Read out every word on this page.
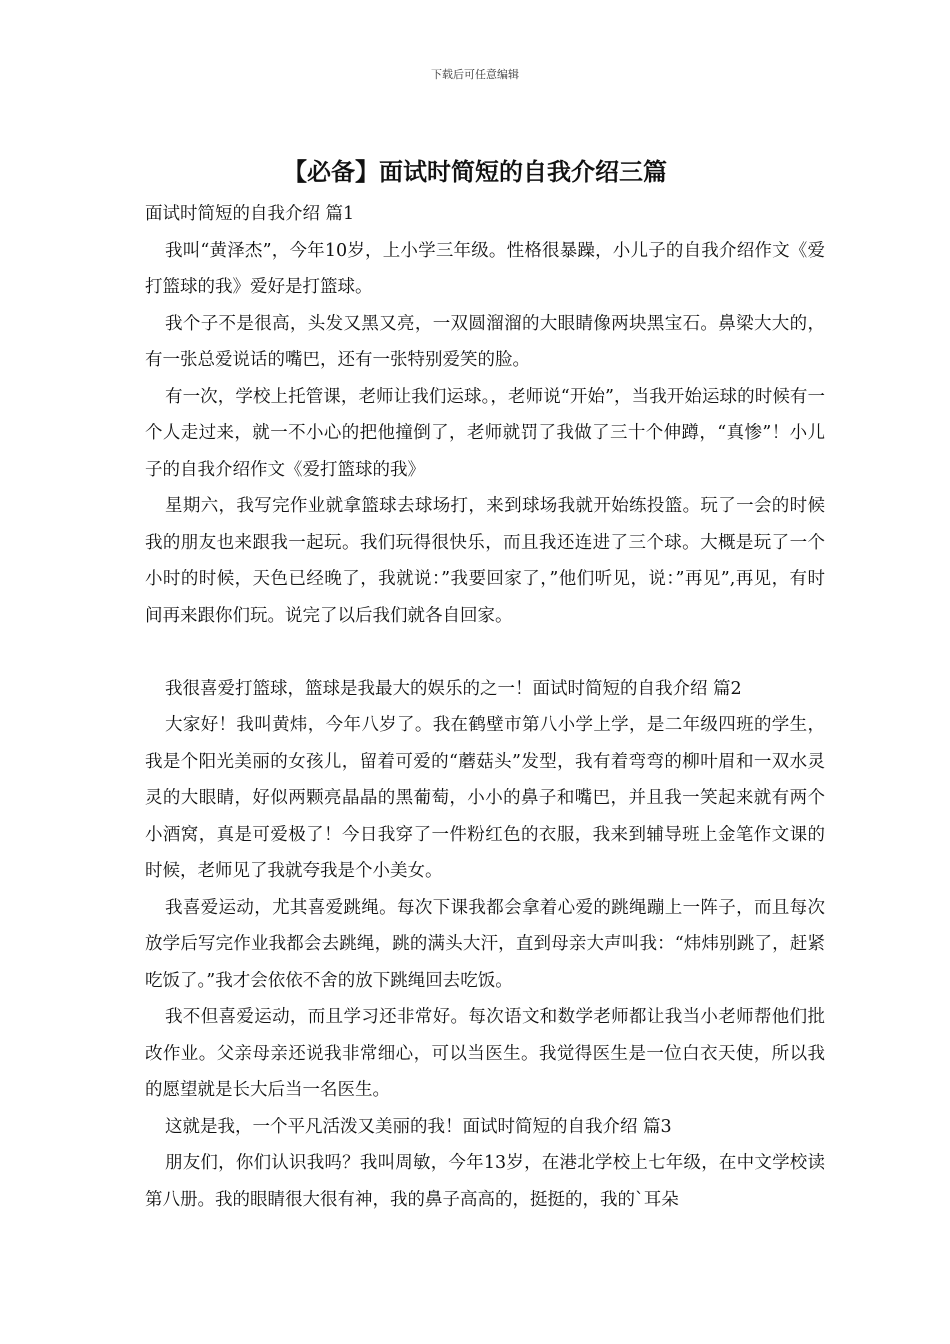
下载后可任意编辑
【必备】面试时简短的自我介绍三篇

面试时简短的自我介绍 篇1

我叫“黄泽杰”，今年10岁，上小学三年级。性格很暴躁，小儿子的自我介绍作文《爱打篮球的我》爱好是打篮球。

我个子不是很高，头发又黑又亮，一双圆溜溜的大眼睛像两块黑宝石。鼻梁大大的，有一张总爱说话的嘴巴，还有一张特别爱笑的脸。

有一次，学校上托管课，老师让我们运球。，老师说“开始”，当我开始运球的时候有一个人走过来，就一不小心的把他撞倒了，老师就罚了我做了三十个伸蹲，“真惨”！小儿子的自我介绍作文《爱打篮球的我》

星期六，我写完作业就拿篮球去球场打，来到球场我就开始练投篮。玩了一会的时候我的朋友也来跟我一起玩。我们玩得很快乐，而且我还连进了三个球。大概是玩了一个小时的时候，天色已经晚了，我就说：”我要回家了，”他们听见，说：”再见”,再见，有时间再来跟你们玩。说完了以后我们就各自回家。

我很喜爱打篮球，篮球是我最大的娱乐的之一！面试时简短的自我介绍 篇2

大家好！我叫黄炜，今年八岁了。我在鹤壁市第八小学上学，是二年级四班的学生，我是个阳光美丽的女孩儿，留着可爱的“蘑菇头”发型，我有着弯弯的柳叶眉和一双水灵灵的大眼睛，好似两颗亮晶晶的黑葡萄，小小的鼻子和嘴巴，并且我一笑起来就有两个小酒窝，真是可爱极了！今日我穿了一件粉红色的衣服，我来到辅导班上金笔作文课的时候，老师见了我就夸我是个小美女。

我喜爱运动，尤其喜爱跳绳。每次下课我都会拿着心爱的跳绳蹦上一阵子，而且每次放学后写完作业我都会去跳绳，跳的满头大汗，直到母亲大声叫我：“炜炜别跳了，赶紧吃饭了。”我才会依依不舍的放下跳绳回去吃饭。

我不但喜爱运动，而且学习还非常好。每次语文和数学老师都让我当小老师帮他们批改作业。父亲母亲还说我非常细心，可以当医生。我觉得医生是一位白衣天使，所以我的愿望就是长大后当一名医生。

这就是我，一个平凡活泼又美丽的我！面试时简短的自我介绍 篇3

朋友们，你们认识我吗？我叫周敏，今年13岁，在港北学校上七年级，在中文学校读第八册。我的眼睛很大很有神，我的鼻子高高的，挺挺的，我的`耳朵
